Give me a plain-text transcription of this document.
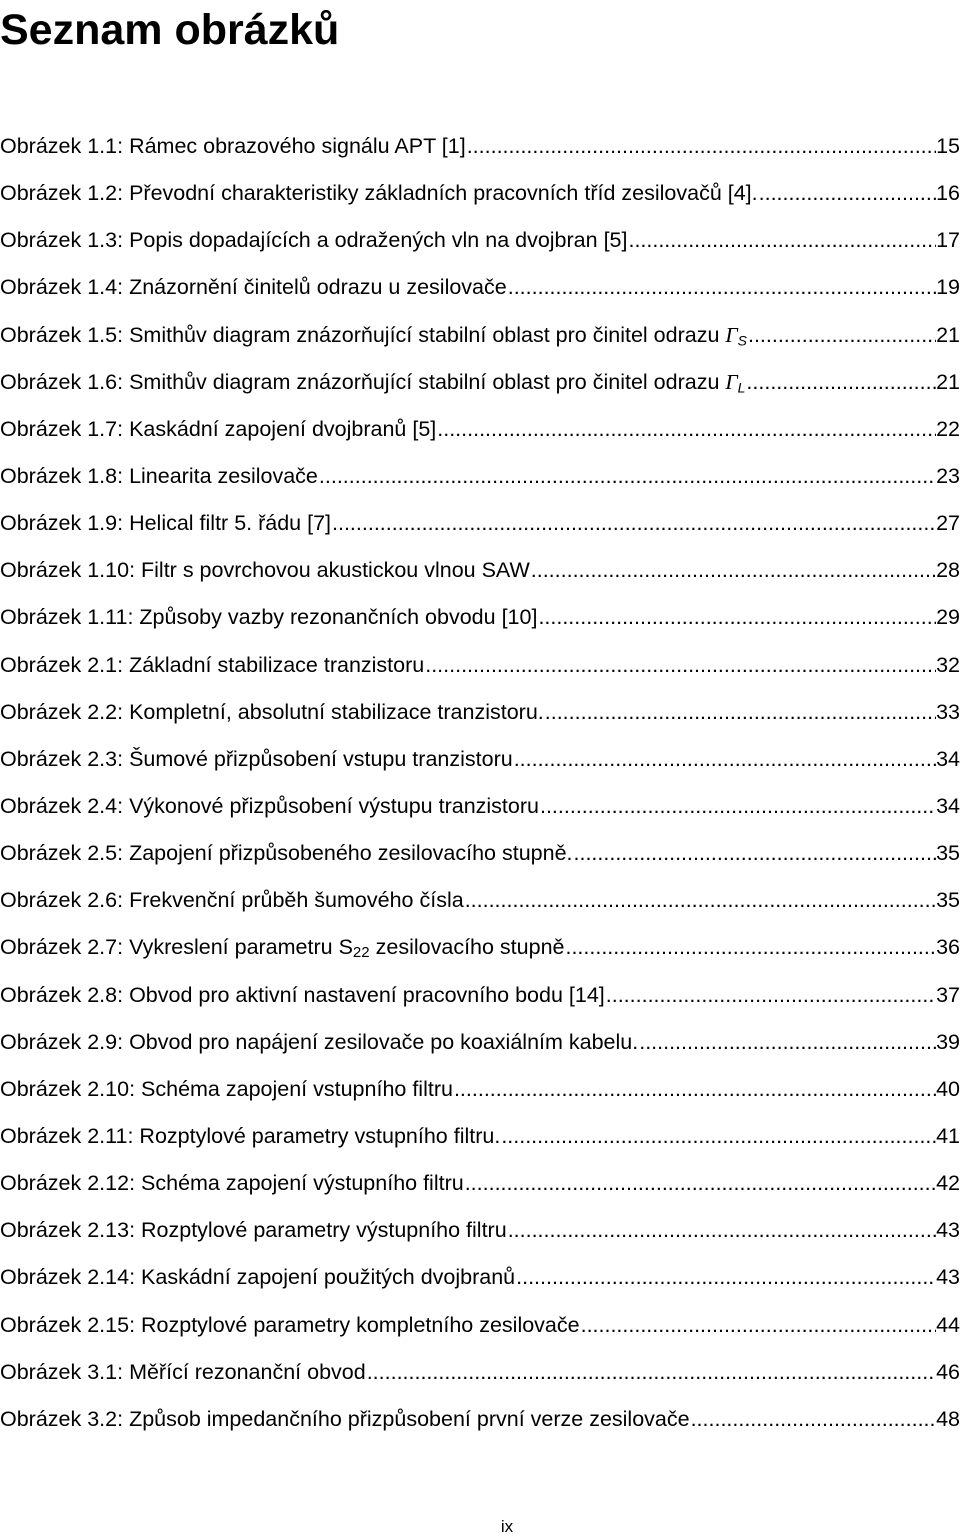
Seznam obrázků
Obrázek 1.1: Rámec obrazového signálu APT [1] .....	15
Obrázek 1.2: Převodní charakteristiky základních pracovních tříd zesilovačů [4]. .....	16
Obrázek 1.3: Popis dopadajících a odražených vln na dvojbran [5] .....	17
Obrázek 1.4: Znázornění činitelů odrazu u zesilovače .....	19
Obrázek 1.5: Smithův diagram znázorňující stabilní oblast pro činitel odrazu ΓS .....	21
Obrázek 1.6: Smithův diagram znázorňující stabilní oblast pro činitel odrazu ΓL .....	21
Obrázek 1.7: Kaskádní zapojení dvojbranů [5] .....	22
Obrázek 1.8: Linearita zesilovače .....	23
Obrázek 1.9: Helical filtr 5. řádu [7] .....	27
Obrázek 1.10: Filtr s povrchovou akustickou vlnou SAW .....	28
Obrázek 1.11: Způsoby vazby rezonančních obvodu [10] .....	29
Obrázek 2.1: Základní stabilizace tranzistoru .....	32
Obrázek 2.2: Kompletní, absolutní stabilizace tranzistoru. .....	33
Obrázek 2.3: Šumové přizpůsobení vstupu tranzistoru .....	34
Obrázek 2.4: Výkonové přizpůsobení výstupu tranzistoru .....	34
Obrázek 2.5: Zapojení přizpůsobeného zesilovacího stupně. .....	35
Obrázek 2.6: Frekvenční průběh šumového čísla .....	35
Obrázek 2.7: Vykreslení parametru S22 zesilovacího stupně .....	36
Obrázek 2.8: Obvod pro aktivní nastavení pracovního bodu [14] .....	37
Obrázek 2.9: Obvod pro napájení zesilovače po koaxiálním kabelu. .....	39
Obrázek 2.10: Schéma zapojení vstupního filtru .....	40
Obrázek 2.11: Rozptylové parametry vstupního filtru. .....	41
Obrázek 2.12: Schéma zapojení výstupního filtru .....	42
Obrázek 2.13: Rozptylové parametry výstupního filtru .....	43
Obrázek 2.14: Kaskádní zapojení použitých dvojbranů .....	43
Obrázek 2.15: Rozptylové parametry kompletního zesilovače .....	44
Obrázek 3.1: Měřící rezonanční obvod .....	46
Obrázek 3.2: Způsob impedančního přizpůsobení první verze zesilovače .....	48
ix
